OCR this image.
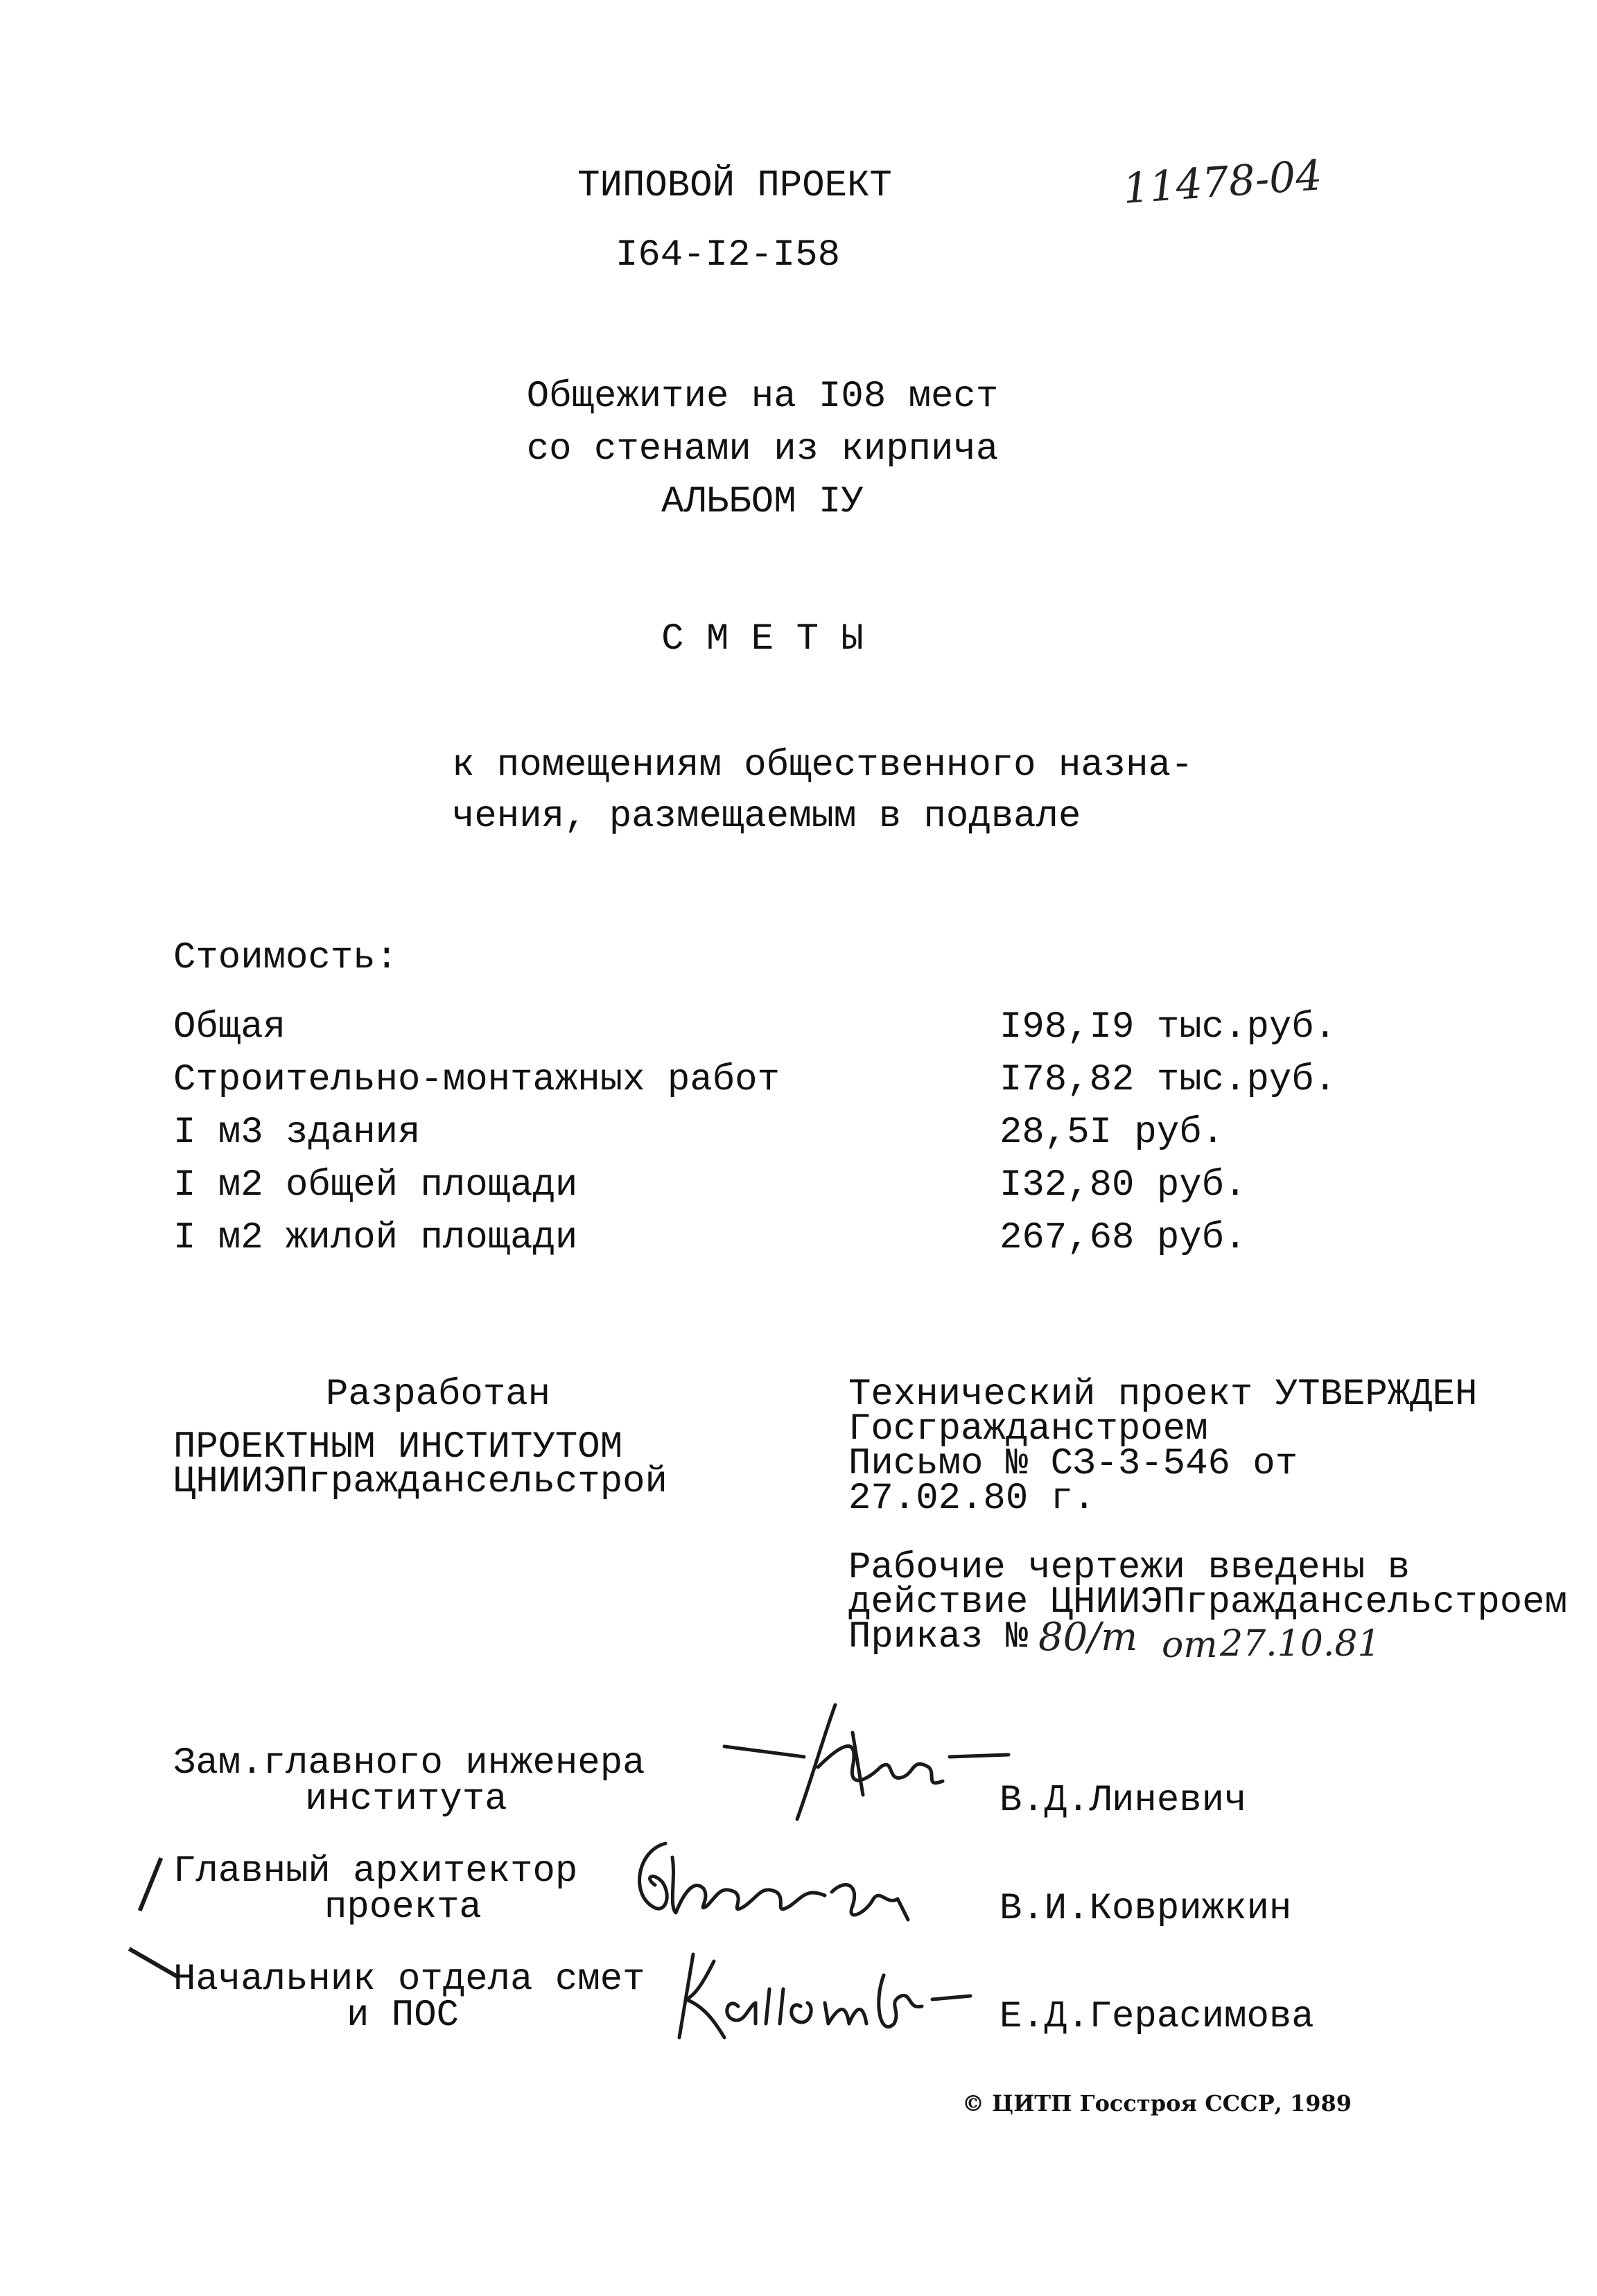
ТИПОВОЙ ПРОЕКТ
I64-I2-I58
11478-04
Общежитие на I08 мест
со стенами из кирпича
АЛЬБОМ IУ
С М Е Т Ы
к помещениям общественного назна-
чения, размещаемым в подвале
Стоимость:
Общая	I98,I9 тыс.руб.
Строительно-монтажных работ	I78,82 тыс.руб.
I м3 здания	28,5I руб.
I м2 общей площади	I32,80 руб.
I м2 жилой площади	267,68 руб.
Разработан
ПРОЕКТНЫМ ИНСТИТУТОМ
ЦНИИЭПграждансельстрой
Технический проект УТВЕРЖДЕН
Госгражданстроем
Письмо № СЗ-3-546 от
27.02.80 г.
Рабочие чертежи введены в
действие ЦНИИЭПграждансельстроем
Приказ № 80/т от 27.10.81
Зам.главного инженера
института	В.Д.Линевич
Главный архитектор
проекта	В.И.Коврижкин
Начальник отдела смет
и ПОС	Е.Д.Герасимова
© ЦИТП Госстроя СССР, 1989
